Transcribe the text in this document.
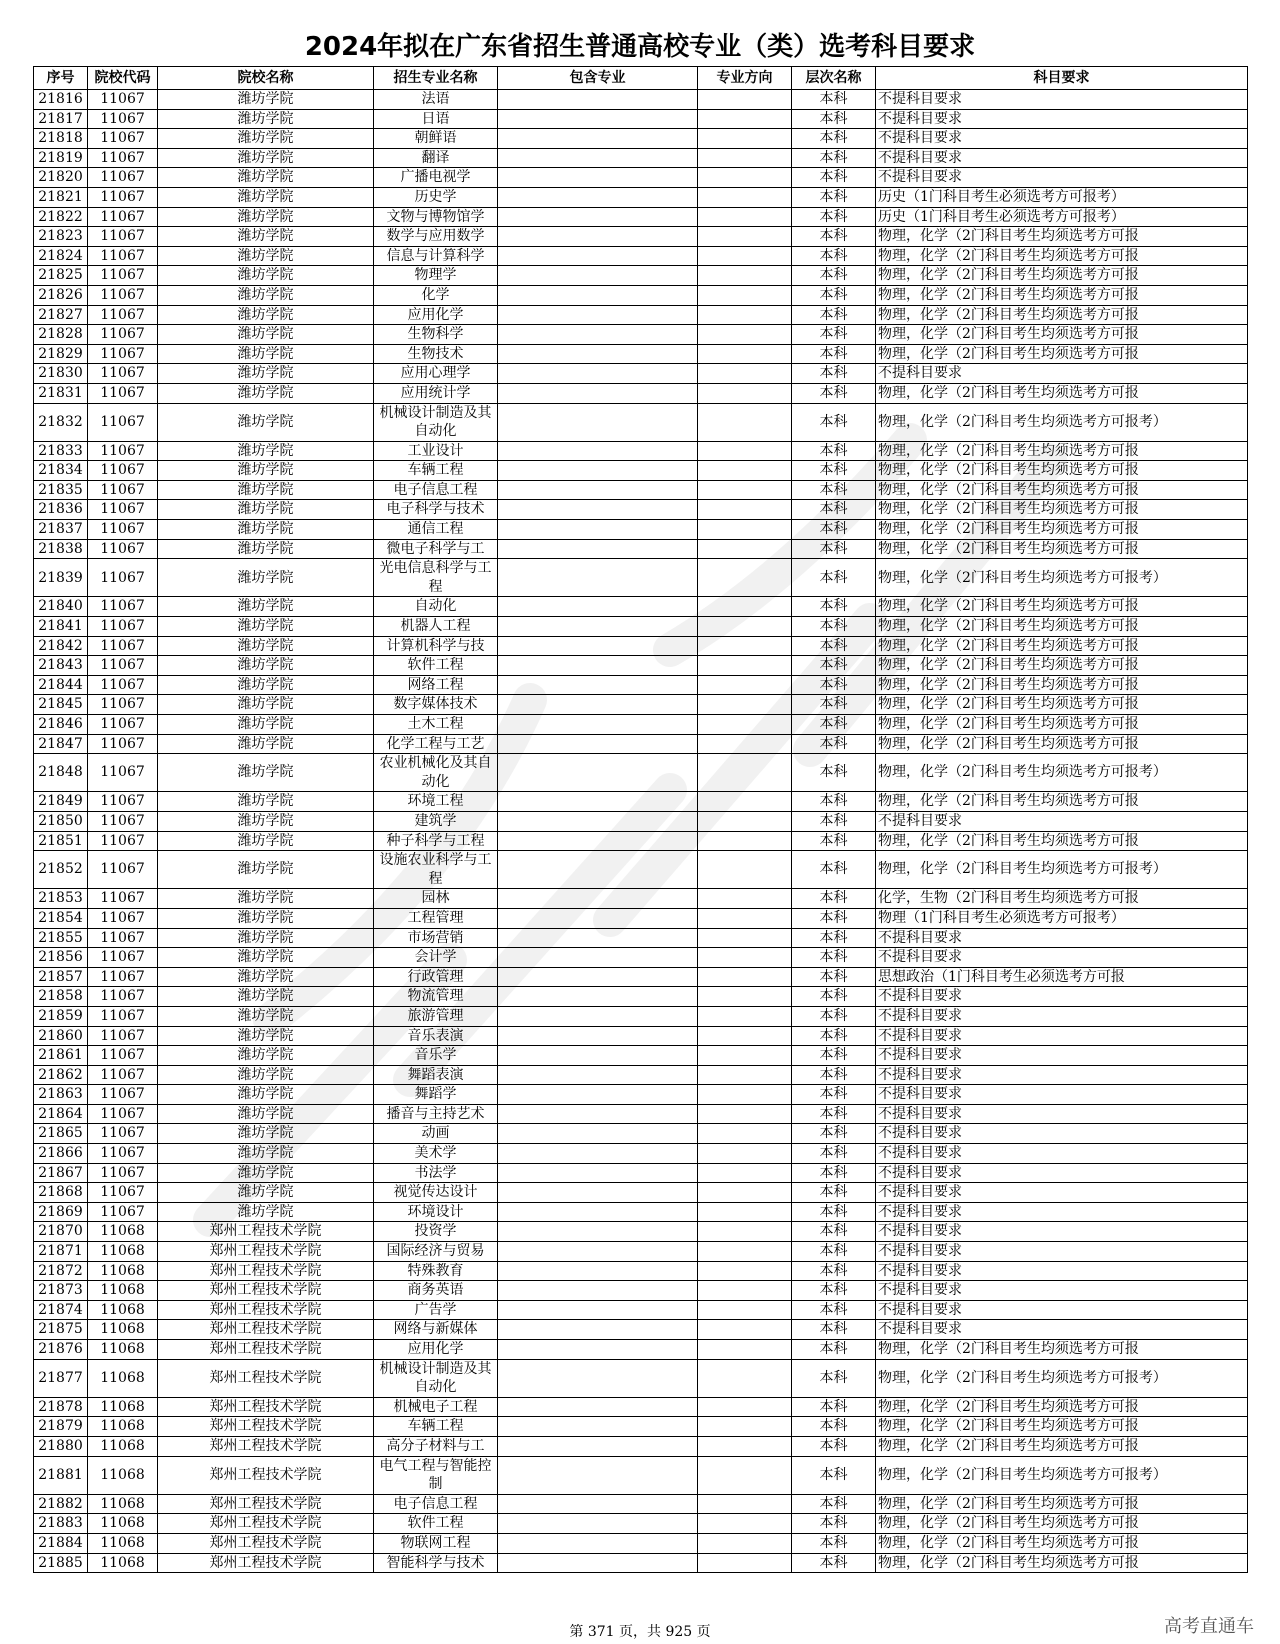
2024年拟在广东省招生普通高校专业（类）选考科目要求
序号	院校代码	院校名称	招生专业名称	包含专业	专业方向	层次名称	科目要求
21816	11067	潍坊学院	法语			本科	不提科目要求
21817	11067	潍坊学院	日语			本科	不提科目要求
21818	11067	潍坊学院	朝鲜语			本科	不提科目要求
21819	11067	潍坊学院	翻译			本科	不提科目要求
21820	11067	潍坊学院	广播电视学			本科	不提科目要求
21821	11067	潍坊学院	历史学			本科	历史（1门科目考生必须选考方可报考）
21822	11067	潍坊学院	文物与博物馆学			本科	历史（1门科目考生必须选考方可报考）
21823	11067	潍坊学院	数学与应用数学			本科	物理，化学（2门科目考生均须选考方可报
21824	11067	潍坊学院	信息与计算科学			本科	物理，化学（2门科目考生均须选考方可报
21825	11067	潍坊学院	物理学			本科	物理，化学（2门科目考生均须选考方可报
21826	11067	潍坊学院	化学			本科	物理，化学（2门科目考生均须选考方可报
21827	11067	潍坊学院	应用化学			本科	物理，化学（2门科目考生均须选考方可报
21828	11067	潍坊学院	生物科学			本科	物理，化学（2门科目考生均须选考方可报
21829	11067	潍坊学院	生物技术			本科	物理，化学（2门科目考生均须选考方可报
21830	11067	潍坊学院	应用心理学			本科	不提科目要求
21831	11067	潍坊学院	应用统计学			本科	物理，化学（2门科目考生均须选考方可报
21832	11067	潍坊学院	机械设计制造及其自动化			本科	物理，化学（2门科目考生均须选考方可报考）
21833	11067	潍坊学院	工业设计			本科	物理，化学（2门科目考生均须选考方可报
21834	11067	潍坊学院	车辆工程			本科	物理，化学（2门科目考生均须选考方可报
21835	11067	潍坊学院	电子信息工程			本科	物理，化学（2门科目考生均须选考方可报
21836	11067	潍坊学院	电子科学与技术			本科	物理，化学（2门科目考生均须选考方可报
21837	11067	潍坊学院	通信工程			本科	物理，化学（2门科目考生均须选考方可报
21838	11067	潍坊学院	微电子科学与工			本科	物理，化学（2门科目考生均须选考方可报
21839	11067	潍坊学院	光电信息科学与工程			本科	物理，化学（2门科目考生均须选考方可报考）
21840	11067	潍坊学院	自动化			本科	物理，化学（2门科目考生均须选考方可报
21841	11067	潍坊学院	机器人工程			本科	物理，化学（2门科目考生均须选考方可报
21842	11067	潍坊学院	计算机科学与技			本科	物理，化学（2门科目考生均须选考方可报
21843	11067	潍坊学院	软件工程			本科	物理，化学（2门科目考生均须选考方可报
21844	11067	潍坊学院	网络工程			本科	物理，化学（2门科目考生均须选考方可报
21845	11067	潍坊学院	数字媒体技术			本科	物理，化学（2门科目考生均须选考方可报
21846	11067	潍坊学院	土木工程			本科	物理，化学（2门科目考生均须选考方可报
21847	11067	潍坊学院	化学工程与工艺			本科	物理，化学（2门科目考生均须选考方可报
21848	11067	潍坊学院	农业机械化及其自动化			本科	物理，化学（2门科目考生均须选考方可报考）
21849	11067	潍坊学院	环境工程			本科	物理，化学（2门科目考生均须选考方可报
21850	11067	潍坊学院	建筑学			本科	不提科目要求
21851	11067	潍坊学院	种子科学与工程			本科	物理，化学（2门科目考生均须选考方可报
21852	11067	潍坊学院	设施农业科学与工程			本科	物理，化学（2门科目考生均须选考方可报考）
21853	11067	潍坊学院	园林			本科	化学，生物（2门科目考生均须选考方可报
21854	11067	潍坊学院	工程管理			本科	物理（1门科目考生必须选考方可报考）
21855	11067	潍坊学院	市场营销			本科	不提科目要求
21856	11067	潍坊学院	会计学			本科	不提科目要求
21857	11067	潍坊学院	行政管理			本科	思想政治（1门科目考生必须选考方可报
21858	11067	潍坊学院	物流管理			本科	不提科目要求
21859	11067	潍坊学院	旅游管理			本科	不提科目要求
21860	11067	潍坊学院	音乐表演			本科	不提科目要求
21861	11067	潍坊学院	音乐学			本科	不提科目要求
21862	11067	潍坊学院	舞蹈表演			本科	不提科目要求
21863	11067	潍坊学院	舞蹈学			本科	不提科目要求
21864	11067	潍坊学院	播音与主持艺术			本科	不提科目要求
21865	11067	潍坊学院	动画			本科	不提科目要求
21866	11067	潍坊学院	美术学			本科	不提科目要求
21867	11067	潍坊学院	书法学			本科	不提科目要求
21868	11067	潍坊学院	视觉传达设计			本科	不提科目要求
21869	11067	潍坊学院	环境设计			本科	不提科目要求
21870	11068	郑州工程技术学院	投资学			本科	不提科目要求
21871	11068	郑州工程技术学院	国际经济与贸易			本科	不提科目要求
21872	11068	郑州工程技术学院	特殊教育			本科	不提科目要求
21873	11068	郑州工程技术学院	商务英语			本科	不提科目要求
21874	11068	郑州工程技术学院	广告学			本科	不提科目要求
21875	11068	郑州工程技术学院	网络与新媒体			本科	不提科目要求
21876	11068	郑州工程技术学院	应用化学			本科	物理，化学（2门科目考生均须选考方可报
21877	11068	郑州工程技术学院	机械设计制造及其自动化			本科	物理，化学（2门科目考生均须选考方可报考）
21878	11068	郑州工程技术学院	机械电子工程			本科	物理，化学（2门科目考生均须选考方可报
21879	11068	郑州工程技术学院	车辆工程			本科	物理，化学（2门科目考生均须选考方可报
21880	11068	郑州工程技术学院	高分子材料与工			本科	物理，化学（2门科目考生均须选考方可报
21881	11068	郑州工程技术学院	电气工程与智能控制			本科	物理，化学（2门科目考生均须选考方可报考）
21882	11068	郑州工程技术学院	电子信息工程			本科	物理，化学（2门科目考生均须选考方可报
21883	11068	郑州工程技术学院	软件工程			本科	物理，化学（2门科目考生均须选考方可报
21884	11068	郑州工程技术学院	物联网工程			本科	物理，化学（2门科目考生均须选考方可报
21885	11068	郑州工程技术学院	智能科学与技术			本科	物理，化学（2门科目考生均须选考方可报
第 371 页，共 925 页	高考直通车
